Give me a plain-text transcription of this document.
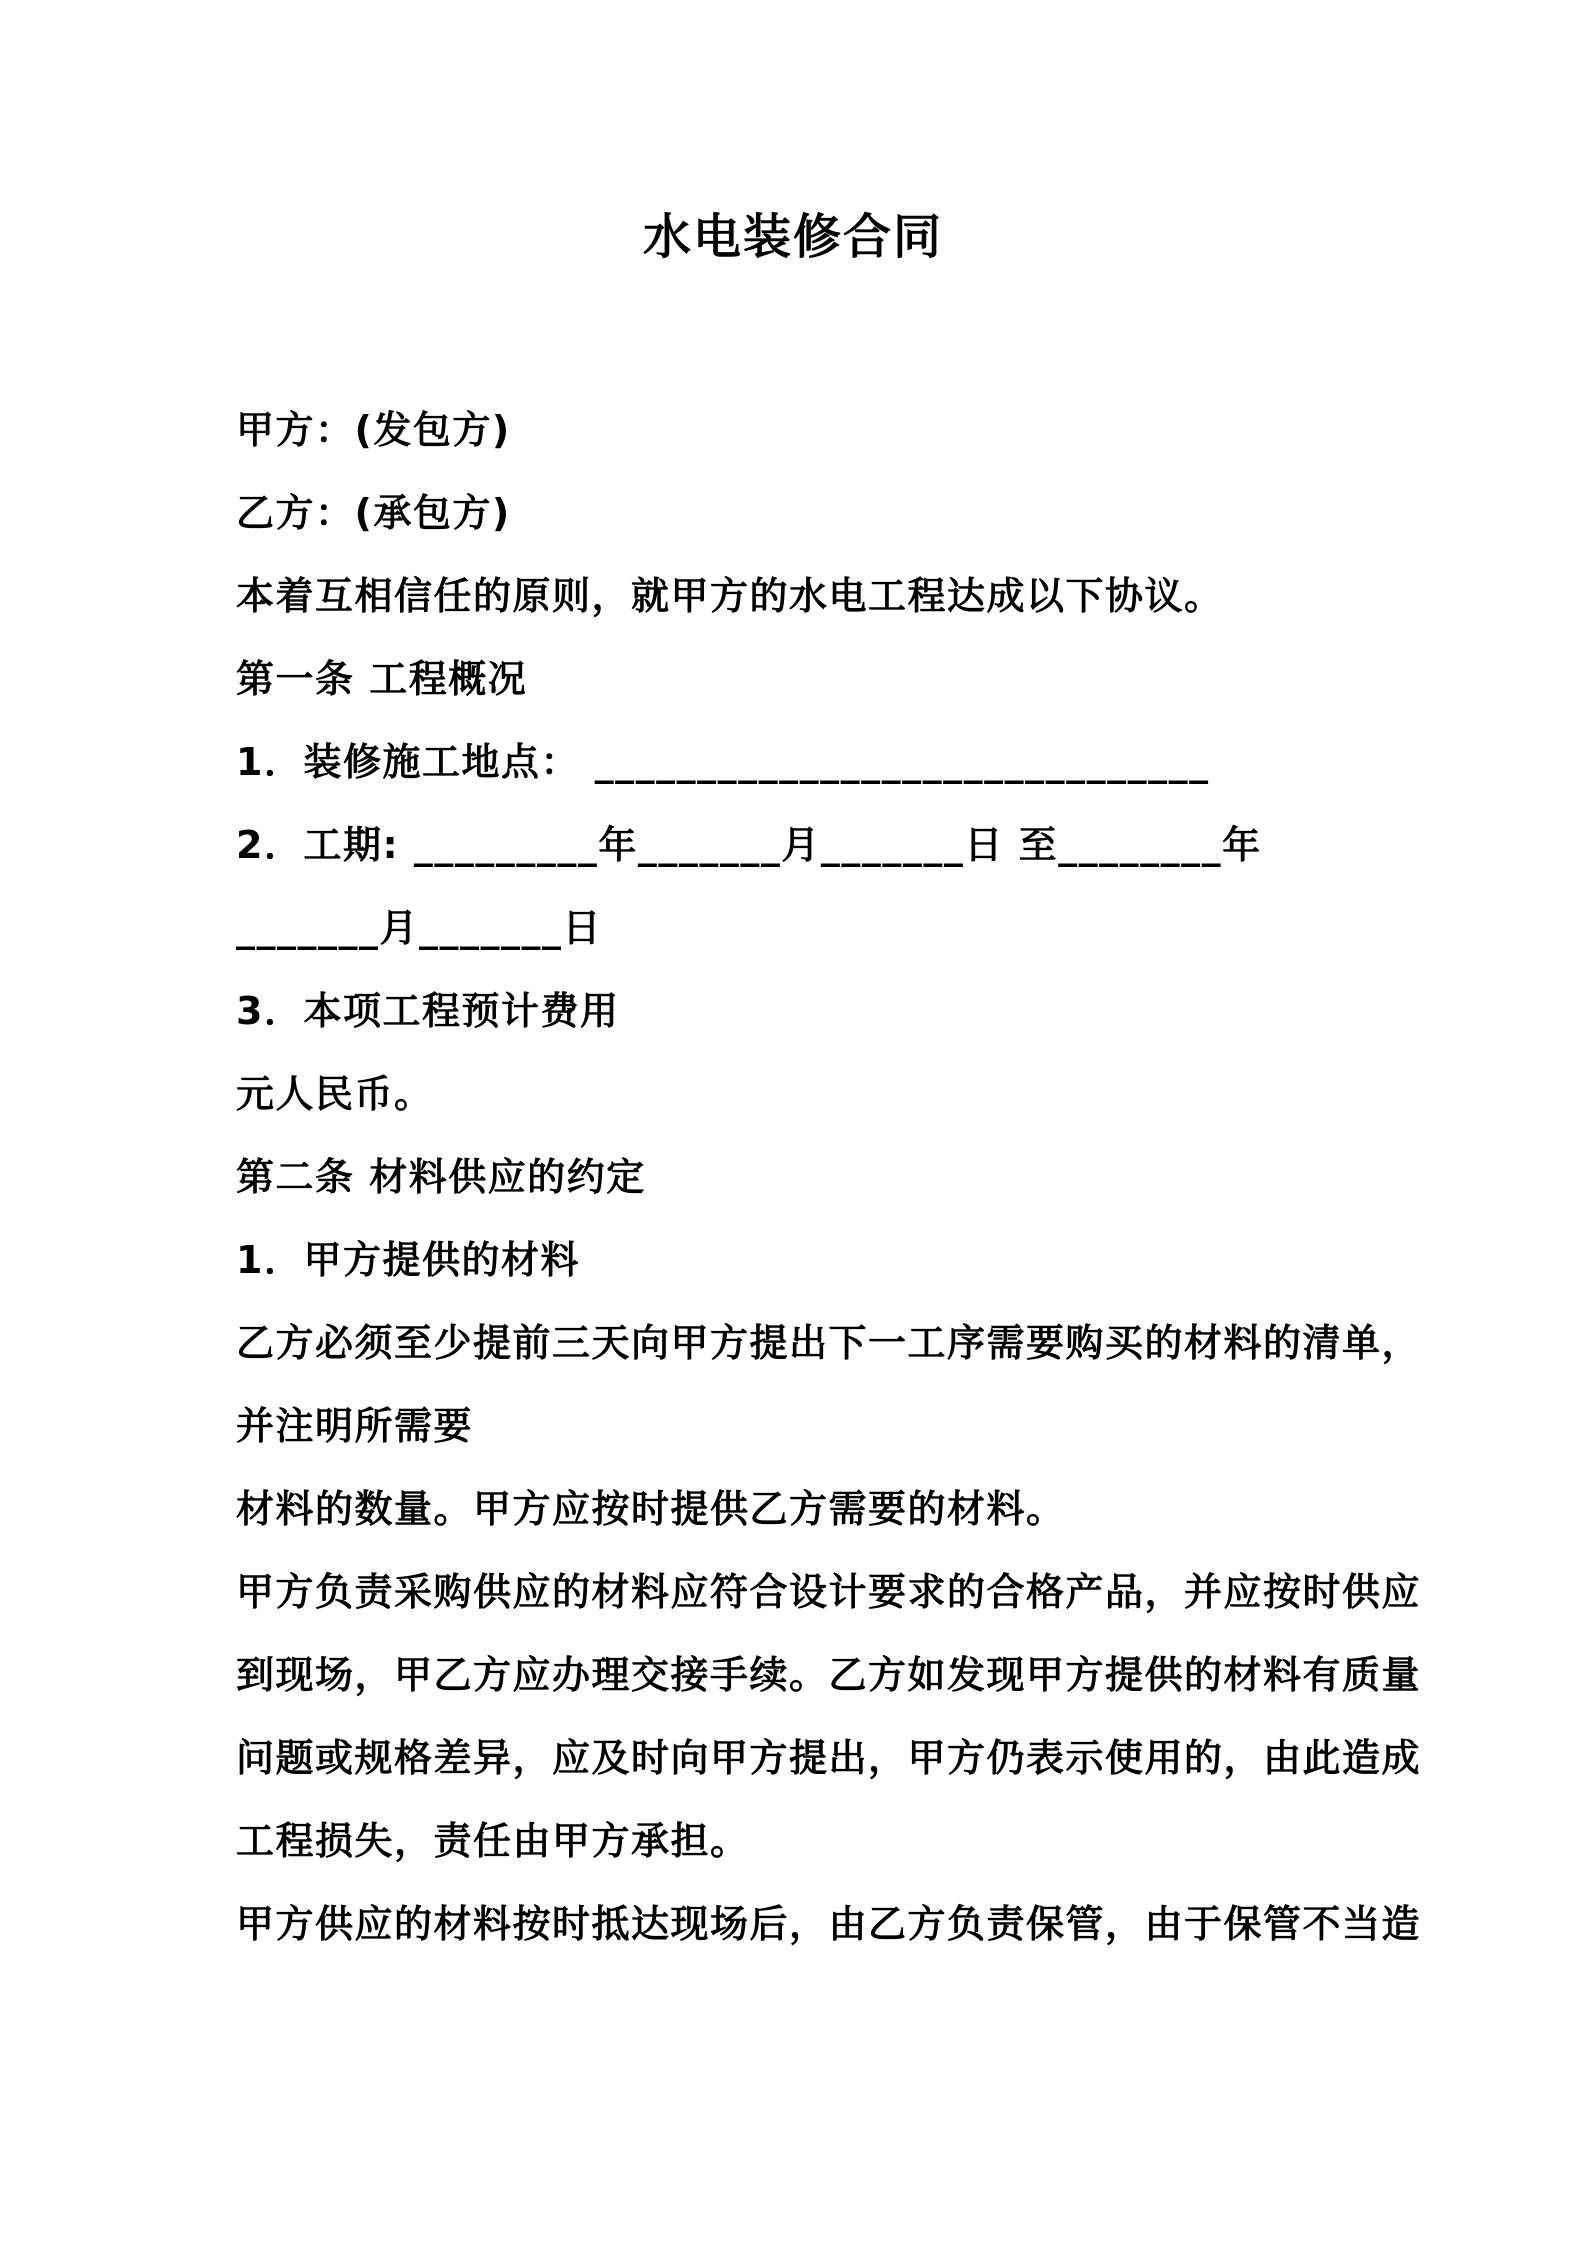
水电装修合同

甲方：(发包方)

乙方：(承包方)

本着互相信任的原则，就甲方的水电工程达成以下协议。

第一条 工程概况

1．装修施工地点： ______________________________

2．工期: _________年_______月_______日 至________年

_______月_______日

3．本项工程预计费用

元人民币。

第二条 材料供应的约定

1．甲方提供的材料

乙方必须至少提前三天向甲方提出下一工序需要购买的材料的清单，

并注明所需要

材料的数量。甲方应按时提供乙方需要的材料。

甲方负责采购供应的材料应符合设计要求的合格产品，并应按时供应

到现场，甲乙方应办理交接手续。乙方如发现甲方提供的材料有质量

问题或规格差异，应及时向甲方提出，甲方仍表示使用的，由此造成

工程损失，责任由甲方承担。

甲方供应的材料按时抵达现场后，由乙方负责保管，由于保管不当造
